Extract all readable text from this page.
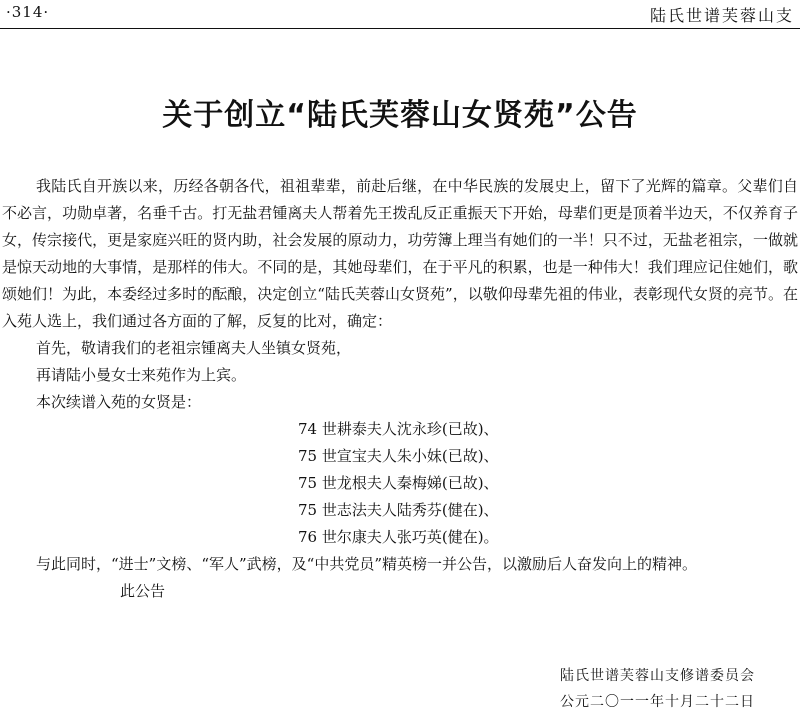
·314·	陆氏世谱芙蓉山支
关于创立“陆氏芙蓉山女贤苑”公告

我陆氏自开族以来，历经各朝各代，祖祖辈辈，前赴后继，在中华民族的发展史上，留下了光辉的篇章。父辈们自不必言，功勋卓著，名垂千古。打无盐君锺离夫人帮着先王拨乱反正重振天下开始，母辈们更是顶着半边天，不仅养育子女，传宗接代，更是家庭兴旺的贤内助，社会发展的原动力，功劳簿上理当有她们的一半！只不过，无盐老祖宗，一做就是惊天动地的大事情，是那样的伟大。不同的是，其她母辈们，在于平凡的积累，也是一种伟大！我们理应记住她们，歌颂她们！为此，本委经过多时的酝酿，决定创立“陆氏芙蓉山女贤苑”，以敬仰母辈先祖的伟业，表彰现代女贤的亮节。在入苑人选上，我们通过各方面的了解，反复的比对，确定：

首先，敬请我们的老祖宗锺离夫人坐镇女贤苑，

再请陆小曼女士来苑作为上宾。

本次续谱入苑的女贤是：

74 世耕泰夫人沈永珍(已故)、

75 世宣宝夫人朱小妹(已故)、

75 世龙根夫人秦梅娣(已故)、

75 世志法夫人陆秀芬(健在)、

76 世尔康夫人张巧英(健在)。

与此同时，“进士”文榜、“军人”武榜，及“中共党员”精英榜一并公告，以激励后人奋发向上的精神。

此公告

陆氏世谱芙蓉山支修谱委员会
公元二〇一一年十月二十二日
